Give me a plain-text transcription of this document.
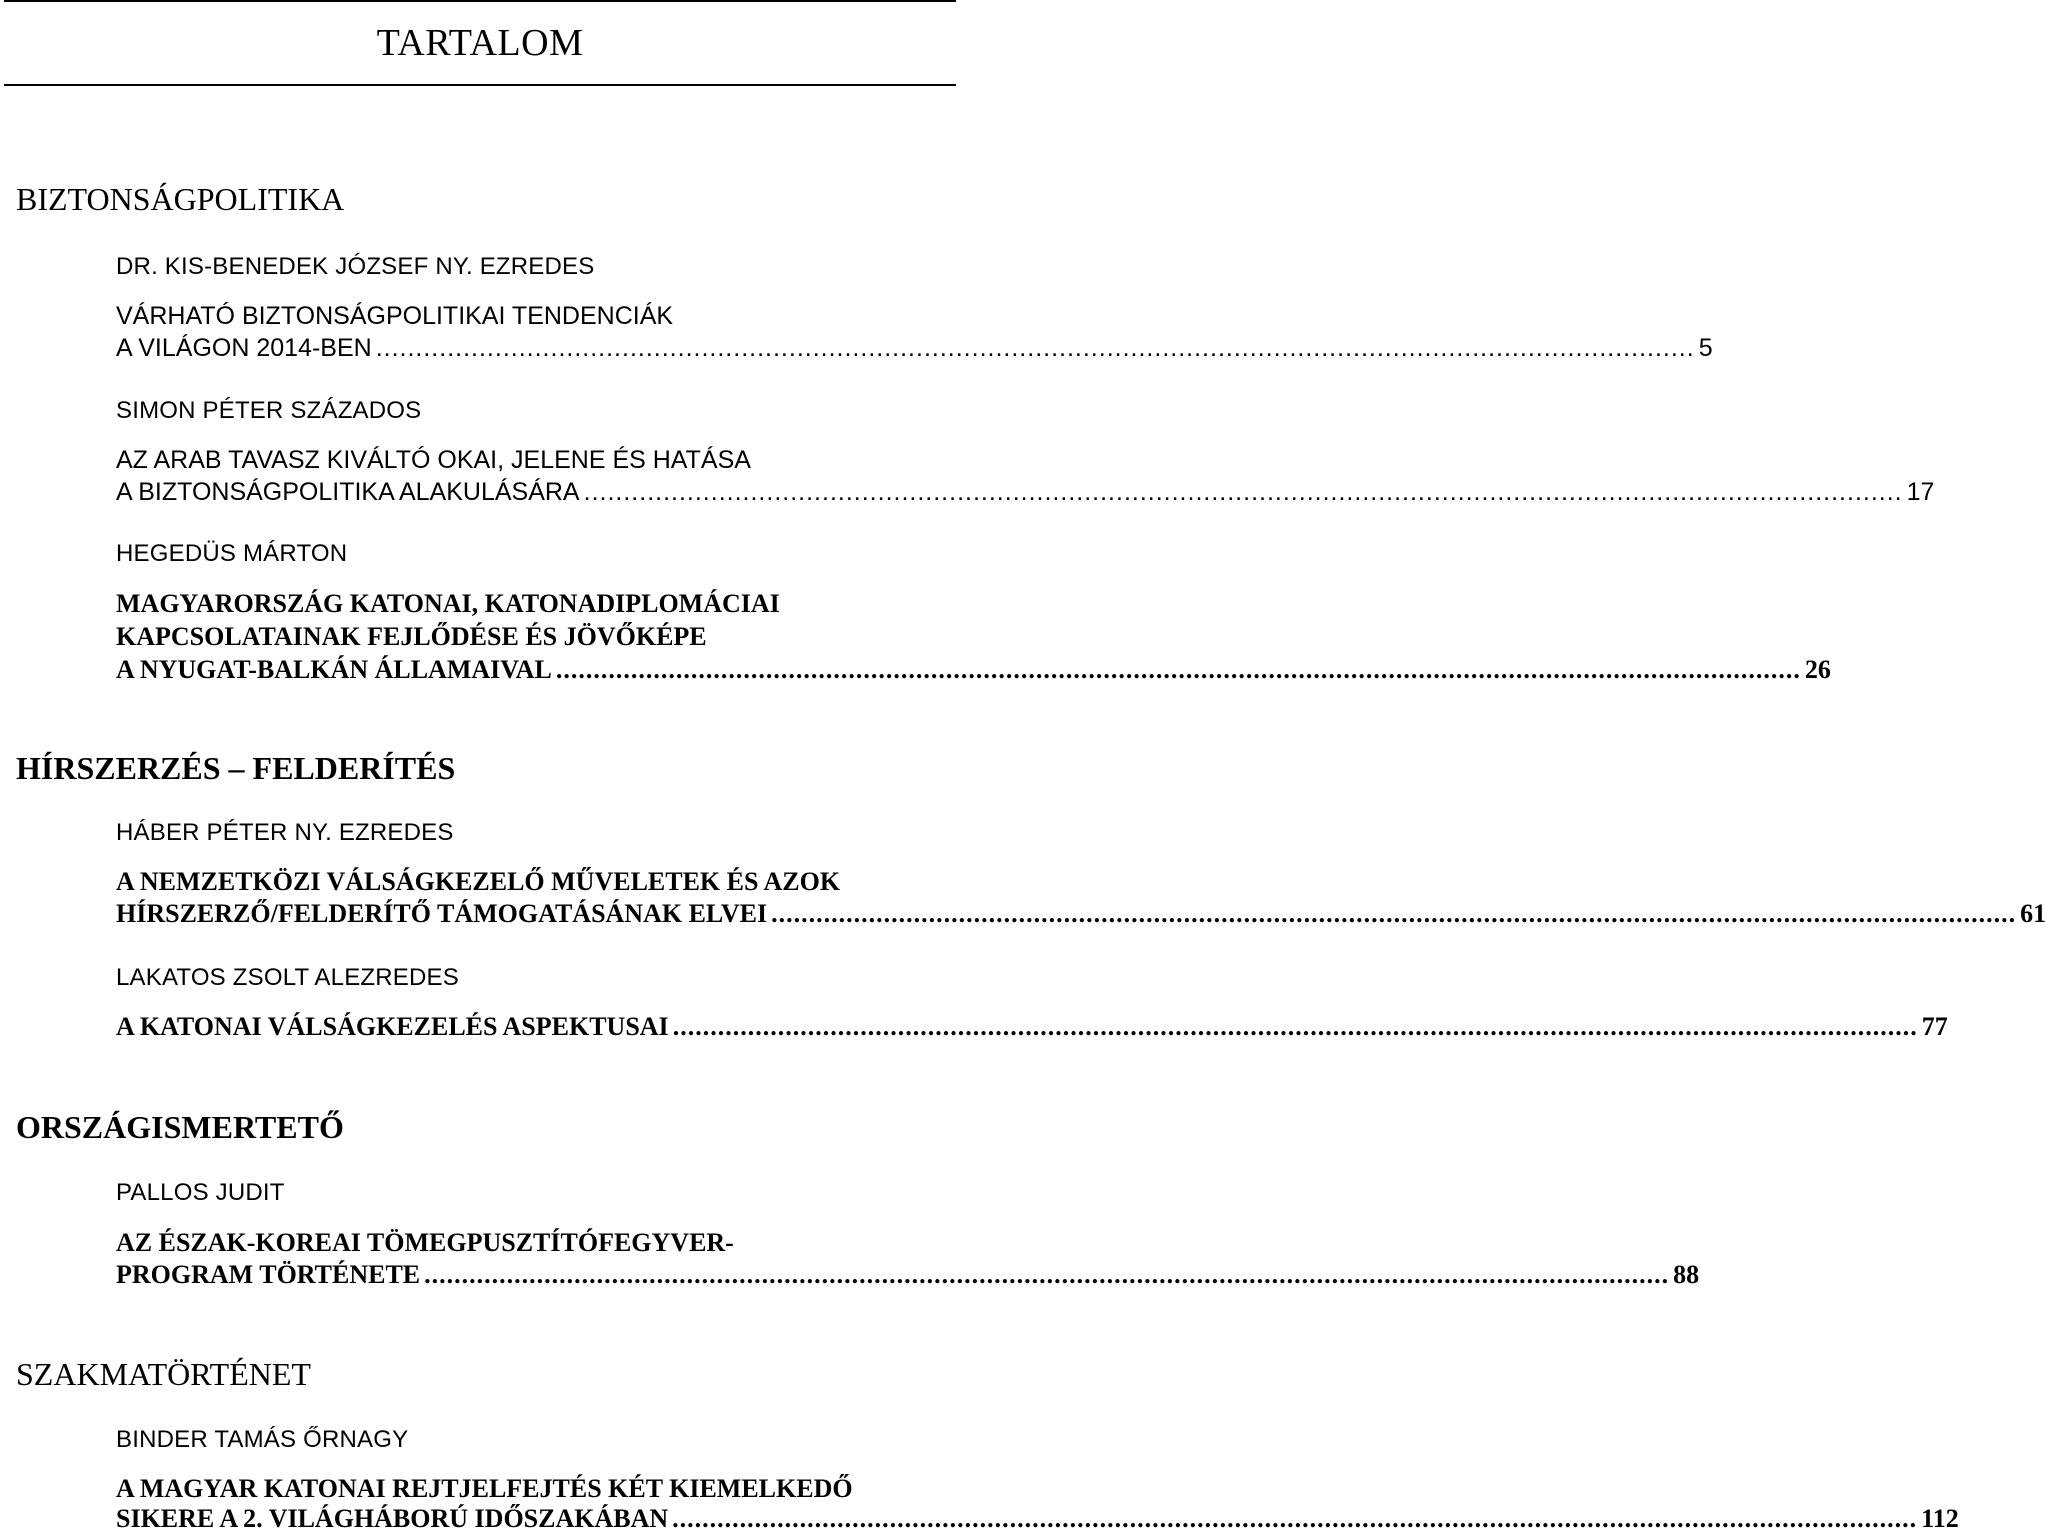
TARTALOM
BIZTONSÁGPOLITIKA
DR. KIS-BENEDEK JÓZSEF NY. EZREDES
VÁRHATÓ BIZTONSÁGPOLITIKAI TENDENCIÁK
A VILÁGON 2014-BEN ...................................................................................................................................................................... 5
SIMON PÉTER SZÁZADOS
AZ ARAB TAVASZ KIVÁLTÓ OKAI, JELENE ÉS HATÁSA
A BIZTONSÁGPOLITIKA ALAKULÁSÁRA ...................................................................................................................................................................... 17
HEGEDÜS MÁRTON
MAGYARORSZÁG KATONAI, KATONADIPLOMÁCIAI
KAPCSOLATAINAK FEJLŐDÉSE ÉS JÖVŐKÉPE
A NYUGAT-BALKÁN ÁLLAMAIVAL ...................................................................................................................................................................... 26
HÍRSZERZÉS – FELDERÍTÉS
HÁBER PÉTER NY. EZREDES
A NEMZETKÖZI VÁLSÁGKEZELŐ MŰVELETEK ÉS AZOK
HÍRSZERZŐ/FELDERÍTŐ TÁMOGATÁSÁNAK ELVEI ...................................................................................................................................................................... 61
LAKATOS ZSOLT ALEZREDES
A KATONAI VÁLSÁGKEZELÉS ASPEKTUSAI ...................................................................................................................................................................... 77
ORSZÁGISMERTETŐ
PALLOS JUDIT
AZ ÉSZAK-KOREAI TÖMEGPUSZTÍTÓFEGYVER-
PROGRAM TÖRTÉNETE ...................................................................................................................................................................... 88
SZAKMATÖRTÉNET
BINDER TAMÁS ŐRNAGY
A MAGYAR KATONAI REJTJELFEJTÉS KÉT KIEMELKEDŐ
SIKERE A 2. VILÁGHÁBORÚ IDŐSZAKÁBAN ...................................................................................................................................................................... 112
